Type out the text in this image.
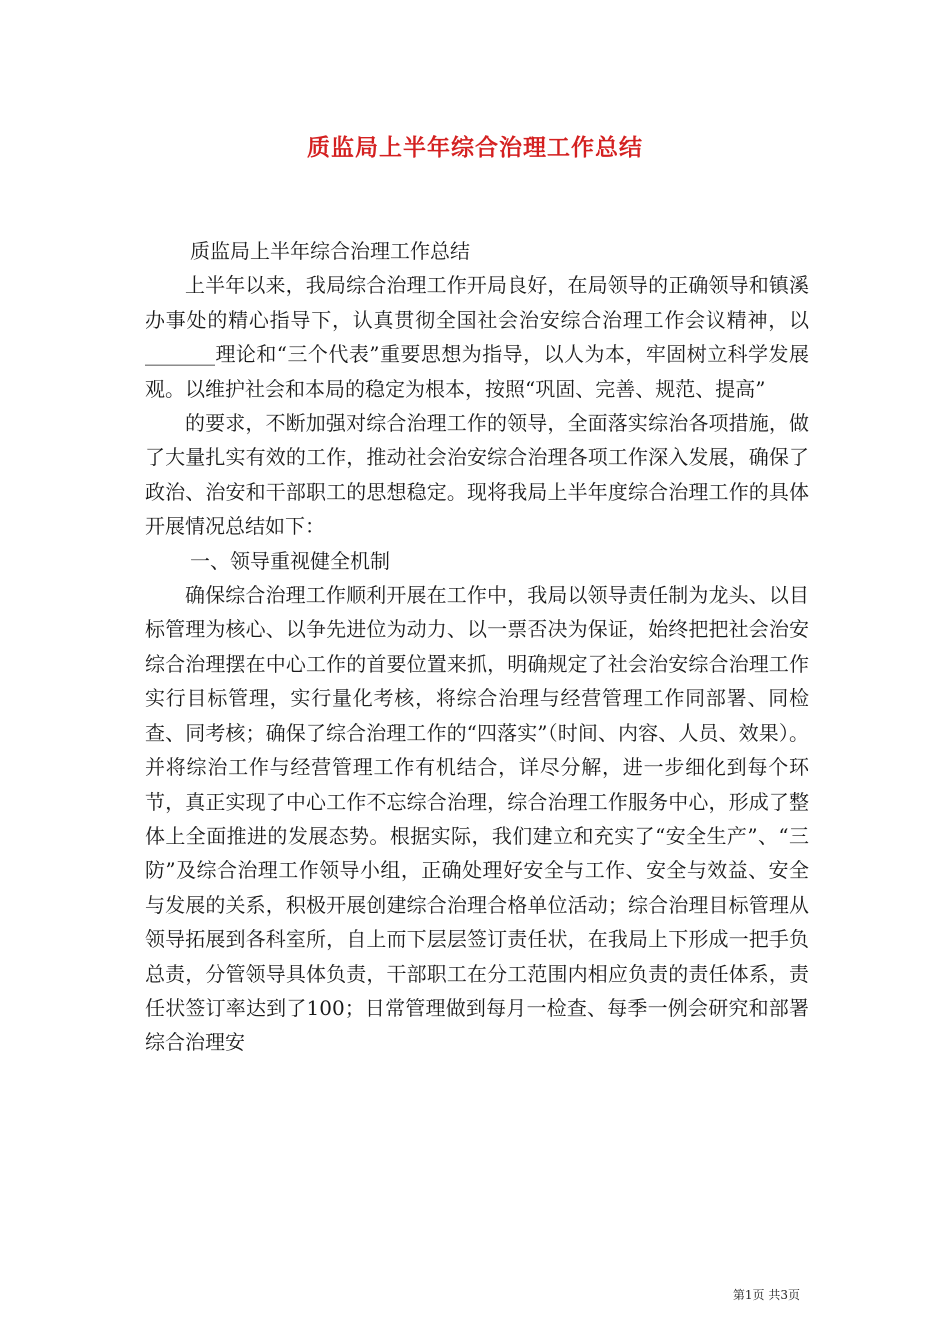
质监局上半年综合治理工作总结

质监局上半年综合治理工作总结

上半年以来，我局综合治理工作开局良好，在局领导的正确领导和镇溪办事处的精心指导下，认真贯彻全国社会治安综合治理工作会议精神，以_______理论和“三个代表”重要思想为指导，以人为本，牢固树立科学发展观。以维护社会和本局的稳定为根本，按照“巩固、完善、规范、提高”

的要求，不断加强对综合治理工作的领导，全面落实综治各项措施，做了大量扎实有效的工作，推动社会治安综合治理各项工作深入发展，确保了政治、治安和干部职工的思想稳定。现将我局上半年度综合治理工作的具体开展情况总结如下：

一、领导重视健全机制

确保综合治理工作顺利开展在工作中，我局以领导责任制为龙头、以目标管理为核心、以争先进位为动力、以一票否决为保证，始终把把社会治安综合治理摆在中心工作的首要位置来抓，明确规定了社会治安综合治理工作实行目标管理，实行量化考核，将综合治理与经营管理工作同部署、同检查、同考核；确保了综合治理工作的“四落实”（时间、内容、人员、效果）。并将综治工作与经营管理工作有机结合，详尽分解，进一步细化到每个环节，真正实现了中心工作不忘综合治理，综合治理工作服务中心，形成了整体上全面推进的发展态势。根据实际，我们建立和充实了“安全生产”、“三防”及综合治理工作领导小组，正确处理好安全与工作、安全与效益、安全与发展的关系，积极开展创建综合治理合格单位活动；综合治理目标管理从领导拓展到各科室所，自上而下层层签订责任状，在我局上下形成一把手负总责，分管领导具体负责，干部职工在分工范围内相应负责的责任体系，责任状签订率达到了100；日常管理做到每月一检查、每季一例会研究和部署综合治理安

第1页 共3页
